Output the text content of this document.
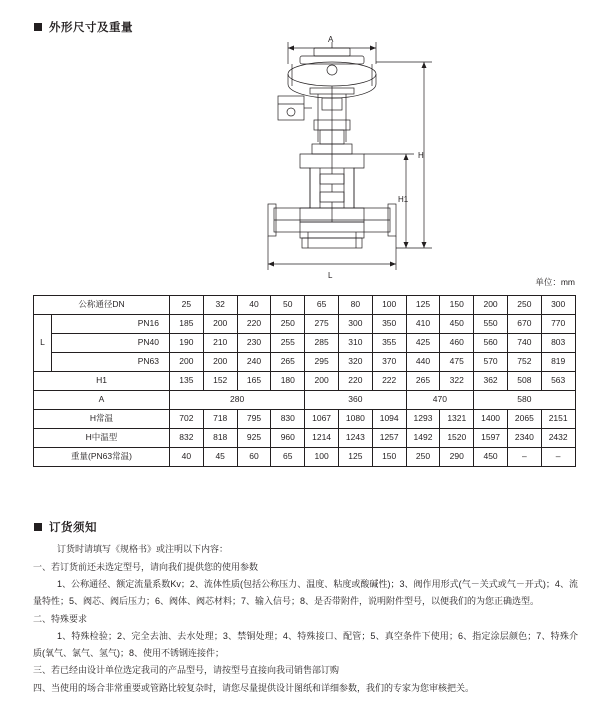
外形尺寸及重量
A
H
H1
L
单位：mm
公称通径DN		25	32	40	50	65	80	100	125	150	200	250	300
L	PN16	185	200	220	250	275	300	350	410	450	550	670	770
	PN40	190	210	230	255	285	310	355	425	460	560	740	803
	PN63	200	200	240	265	295	320	370	440	475	570	752	819
H1		135	152	165	180	200	220	222	265	322	362	508	563
A		280				360			470		580		
H常温		702	718	795	830	1067	1080	1094	1293	1321	1400	2065	2151
H中温型		832	818	925	960	1214	1243	1257	1492	1520	1597	2340	2432
重量(PN63常温)		40	45	60	65	100	125	150	250	290	450	–	–
订货须知

订货时请填写《规格书》或注明以下内容：

一、若订货前还未选定型号，请向我们提供您的使用参数

1、公称通径、额定流量系数Kv；2、流体性质(包括公称压力、温度、粘度或酸碱性)；3、阀作用形式(气－关式或气－开式)；4、流量特性；5、阀芯、阀后压力；6、阀体、阀芯材料；7、输入信号；8、是否带附件，说明附件型号，以便我们的为您正确选型。

二、特殊要求

1、特殊检验；2、完全去油、去水处理；3、禁铜处理；4、特殊接口、配管；5、真空条件下使用；6、指定涂层颜色；7、特殊介质(氧气、氯气、氢气)；8、使用不锈钢连接件；

三、若已经由设计单位选定我司的产品型号，请按型号直接向我司销售部订购

四、当使用的场合非常重要或管路比较复杂时，请您尽量提供设计图纸和详细参数，我们的专家为您审核把关。
